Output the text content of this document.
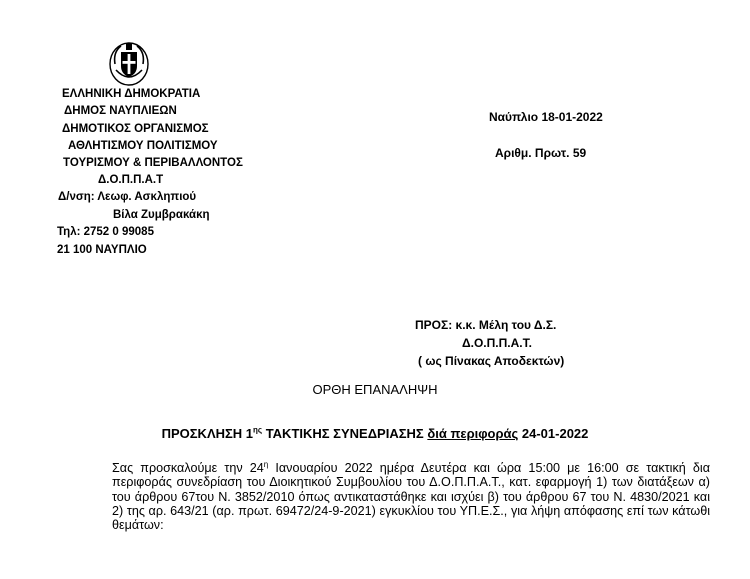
ΕΛΛΗΝΙΚΗ ΔΗΜΟΚΡΑΤΙΑ
ΔΗΜΟΣ ΝΑΥΠΛΙΕΩΝ
ΔΗΜΟΤΙΚΟΣ ΟΡΓΑΝΙΣΜΟΣ
ΑΘΛΗΤΙΣΜΟΥ ΠΟΛΙΤΙΣΜΟΥ
ΤΟΥΡΙΣΜΟΥ & ΠΕΡΙΒΑΛΛΟΝΤΟΣ
Δ.Ο.Π.Π.Α.Τ
Δ/νση: Λεωφ. Ασκληπιού
Βίλα Ζυμβρακάκη
Τηλ: 2752 0 99085
21 100 ΝΑΥΠΛΙΟ
Ναύπλιο 18-01-2022
Αριθμ. Πρωτ. 59
ΠΡΟΣ: κ.κ. Μέλη του Δ.Σ.
Δ.Ο.Π.Π.Α.Τ.
( ως Πίνακας Αποδεκτών)
ΟΡΘΗ ΕΠΑΝΑΛΗΨΗ
ΠΡΟΣΚΛΗΣΗ $1^{\eta\varsigma}$ ΤΑΚΤΙΚΗΣ ΣΥΝΕΔΡΙΑΣΗΣ διά περιφοράς 24-01-2022
Σας προσκαλούμε την $24^\eta$ Ιανουαρίου 2022 ημέρα Δευτέρα και ώρα 15:00 με 16:00 σε τακτική δια περιφοράς συνεδρίαση του Διοικητικού Συμβουλίου του Δ.Ο.Π.Π.Α.Τ., κατ. εφαρμογή 1) των διατάξεων α) του άρθρου 67του Ν. 3852/2010 όπως αντικαταστάθηκε και ισχύει β) του άρθρου 67 του Ν. 4830/2021 και 2) της αρ. 643/21 (αρ. πρωτ. 69472/24-9-2021) εγκυκλίου του ΥΠ.Ε.Σ., για λήψη απόφασης επί των κάτωθι θεμάτων:
